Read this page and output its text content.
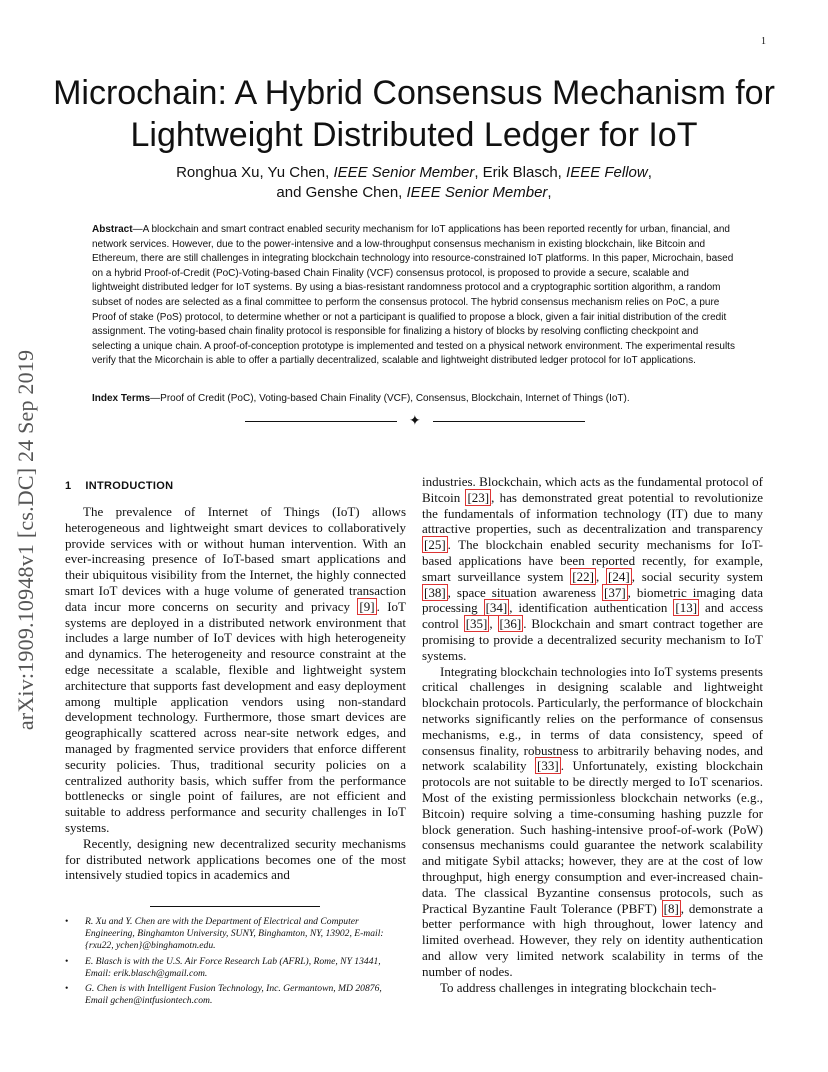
1
arXiv:1909.10948v1 [cs.DC] 24 Sep 2019
Microchain: A Hybrid Consensus Mechanism for
Lightweight Distributed Ledger for IoT
Ronghua Xu, Yu Chen, IEEE Senior Member, Erik Blasch, IEEE Fellow,
and Genshe Chen, IEEE Senior Member,
Abstract—A blockchain and smart contract enabled security mechanism for IoT applications has been reported recently for urban, financial, and network services. However, due to the power-intensive and a low-throughput consensus mechanism in existing blockchain, like Bitcoin and Ethereum, there are still challenges in integrating blockchain technology into resource-constrained IoT platforms. In this paper, Microchain, based on a hybrid Proof-of-Credit (PoC)-Voting-based Chain Finality (VCF) consensus protocol, is proposed to provide a secure, scalable and lightweight distributed ledger for IoT systems. By using a bias-resistant randomness protocol and a cryptographic sortition algorithm, a random subset of nodes are selected as a final committee to perform the consensus protocol. The hybrid consensus mechanism relies on PoC, a pure Proof of stake (PoS) protocol, to determine whether or not a participant is qualified to propose a block, given a fair initial distribution of the credit assignment. The voting-based chain finality protocol is responsible for finalizing a history of blocks by resolving conflicting checkpoint and selecting a unique chain. A proof-of-conception prototype is implemented and tested on a physical network environment. The experimental results verify that the Micorchain is able to offer a partially decentralized, scalable and lightweight distributed ledger protocol for IoT applications.
Index Terms—Proof of Credit (PoC), Voting-based Chain Finality (VCF), Consensus, Blockchain, Internet of Things (IoT).
✦
1 INTRODUCTION

The prevalence of Internet of Things (IoT) allows heterogeneous and lightweight smart devices to collaboratively provide services with or without human intervention. With an ever-increasing presence of IoT-based smart applications and their ubiquitous visibility from the Internet, the highly connected smart IoT devices with a huge volume of generated transaction data incur more concerns on security and privacy [9] . IoT systems are deployed in a distributed network environment that includes a large number of IoT devices with high heterogeneity and dynamics. The heterogeneity and resource constraint at the edge necessitate a scalable, flexible and lightweight system architecture that supports fast development and easy deployment among multiple application vendors using non-standard development technology. Furthermore, those smart devices are geographically scattered across near-site network edges, and managed by fragmented service providers that enforce different security policies. Thus, traditional security policies on a centralized authority basis, which suffer from the performance bottlenecks or single point of failures, are not efficient and suitable to address performance and security challenges in IoT systems.

Recently, designing new decentralized security mechanisms for distributed network applications becomes one of the most intensively studied topics in academics and

• R. Xu and Y. Chen are with the Department of Electrical and Computer Engineering, Binghamton University, SUNY, Binghamton, NY, 13902, E-mail: {rxu22, ychen}@binghamotn.edu.
• E. Blasch is with the U.S. Air Force Research Lab (AFRL), Rome, NY 13441, Email: erik.blasch@gmail.com.
• G. Chen is with Intelligent Fusion Technology, Inc. Germantown, MD 20876, Email gchen@intfusiontech.com.

industries. Blockchain, which acts as the fundamental protocol of Bitcoin [23] , has demonstrated great potential to revolutionize the fundamentals of information technology (IT) due to many attractive properties, such as decentralization and transparency [25] . The blockchain enabled security mechanisms for IoT-based applications have been reported recently, for example, smart surveillance system [22] , [24] , social security system [38] , space situation awareness [37] , biometric imaging data processing [34] , identification authentication [13] and access control [35] , [36] . Blockchain and smart contract together are promising to provide a decentralized security mechanism to IoT systems.

Integrating blockchain technologies into IoT systems presents critical challenges in designing scalable and lightweight blockchain protocols. Particularly, the performance of blockchain networks significantly relies on the performance of consensus mechanisms, e.g., in terms of data consistency, speed of consensus finality, robustness to arbitrarily behaving nodes, and network scalability [33] . Unfortunately, existing blockchain protocols are not suitable to be directly merged to IoT scenarios. Most of the existing permissionless blockchain networks (e.g., Bitcoin) require solving a time-consuming hashing puzzle for block generation. Such hashing-intensive proof-of-work (PoW) consensus mechanisms could guarantee the network scalability and mitigate Sybil attacks; however, they are at the cost of low throughput, high energy consumption and ever-increased chain-data. The classical Byzantine consensus protocols, such as Practical Byzantine Fault Tolerance (PBFT) [8] , demonstrate a better performance with high throughout, lower latency and limited overhead. However, they rely on identity authentication and allow very limited network scalability in terms of the number of nodes.

To address challenges in integrating blockchain tech-
